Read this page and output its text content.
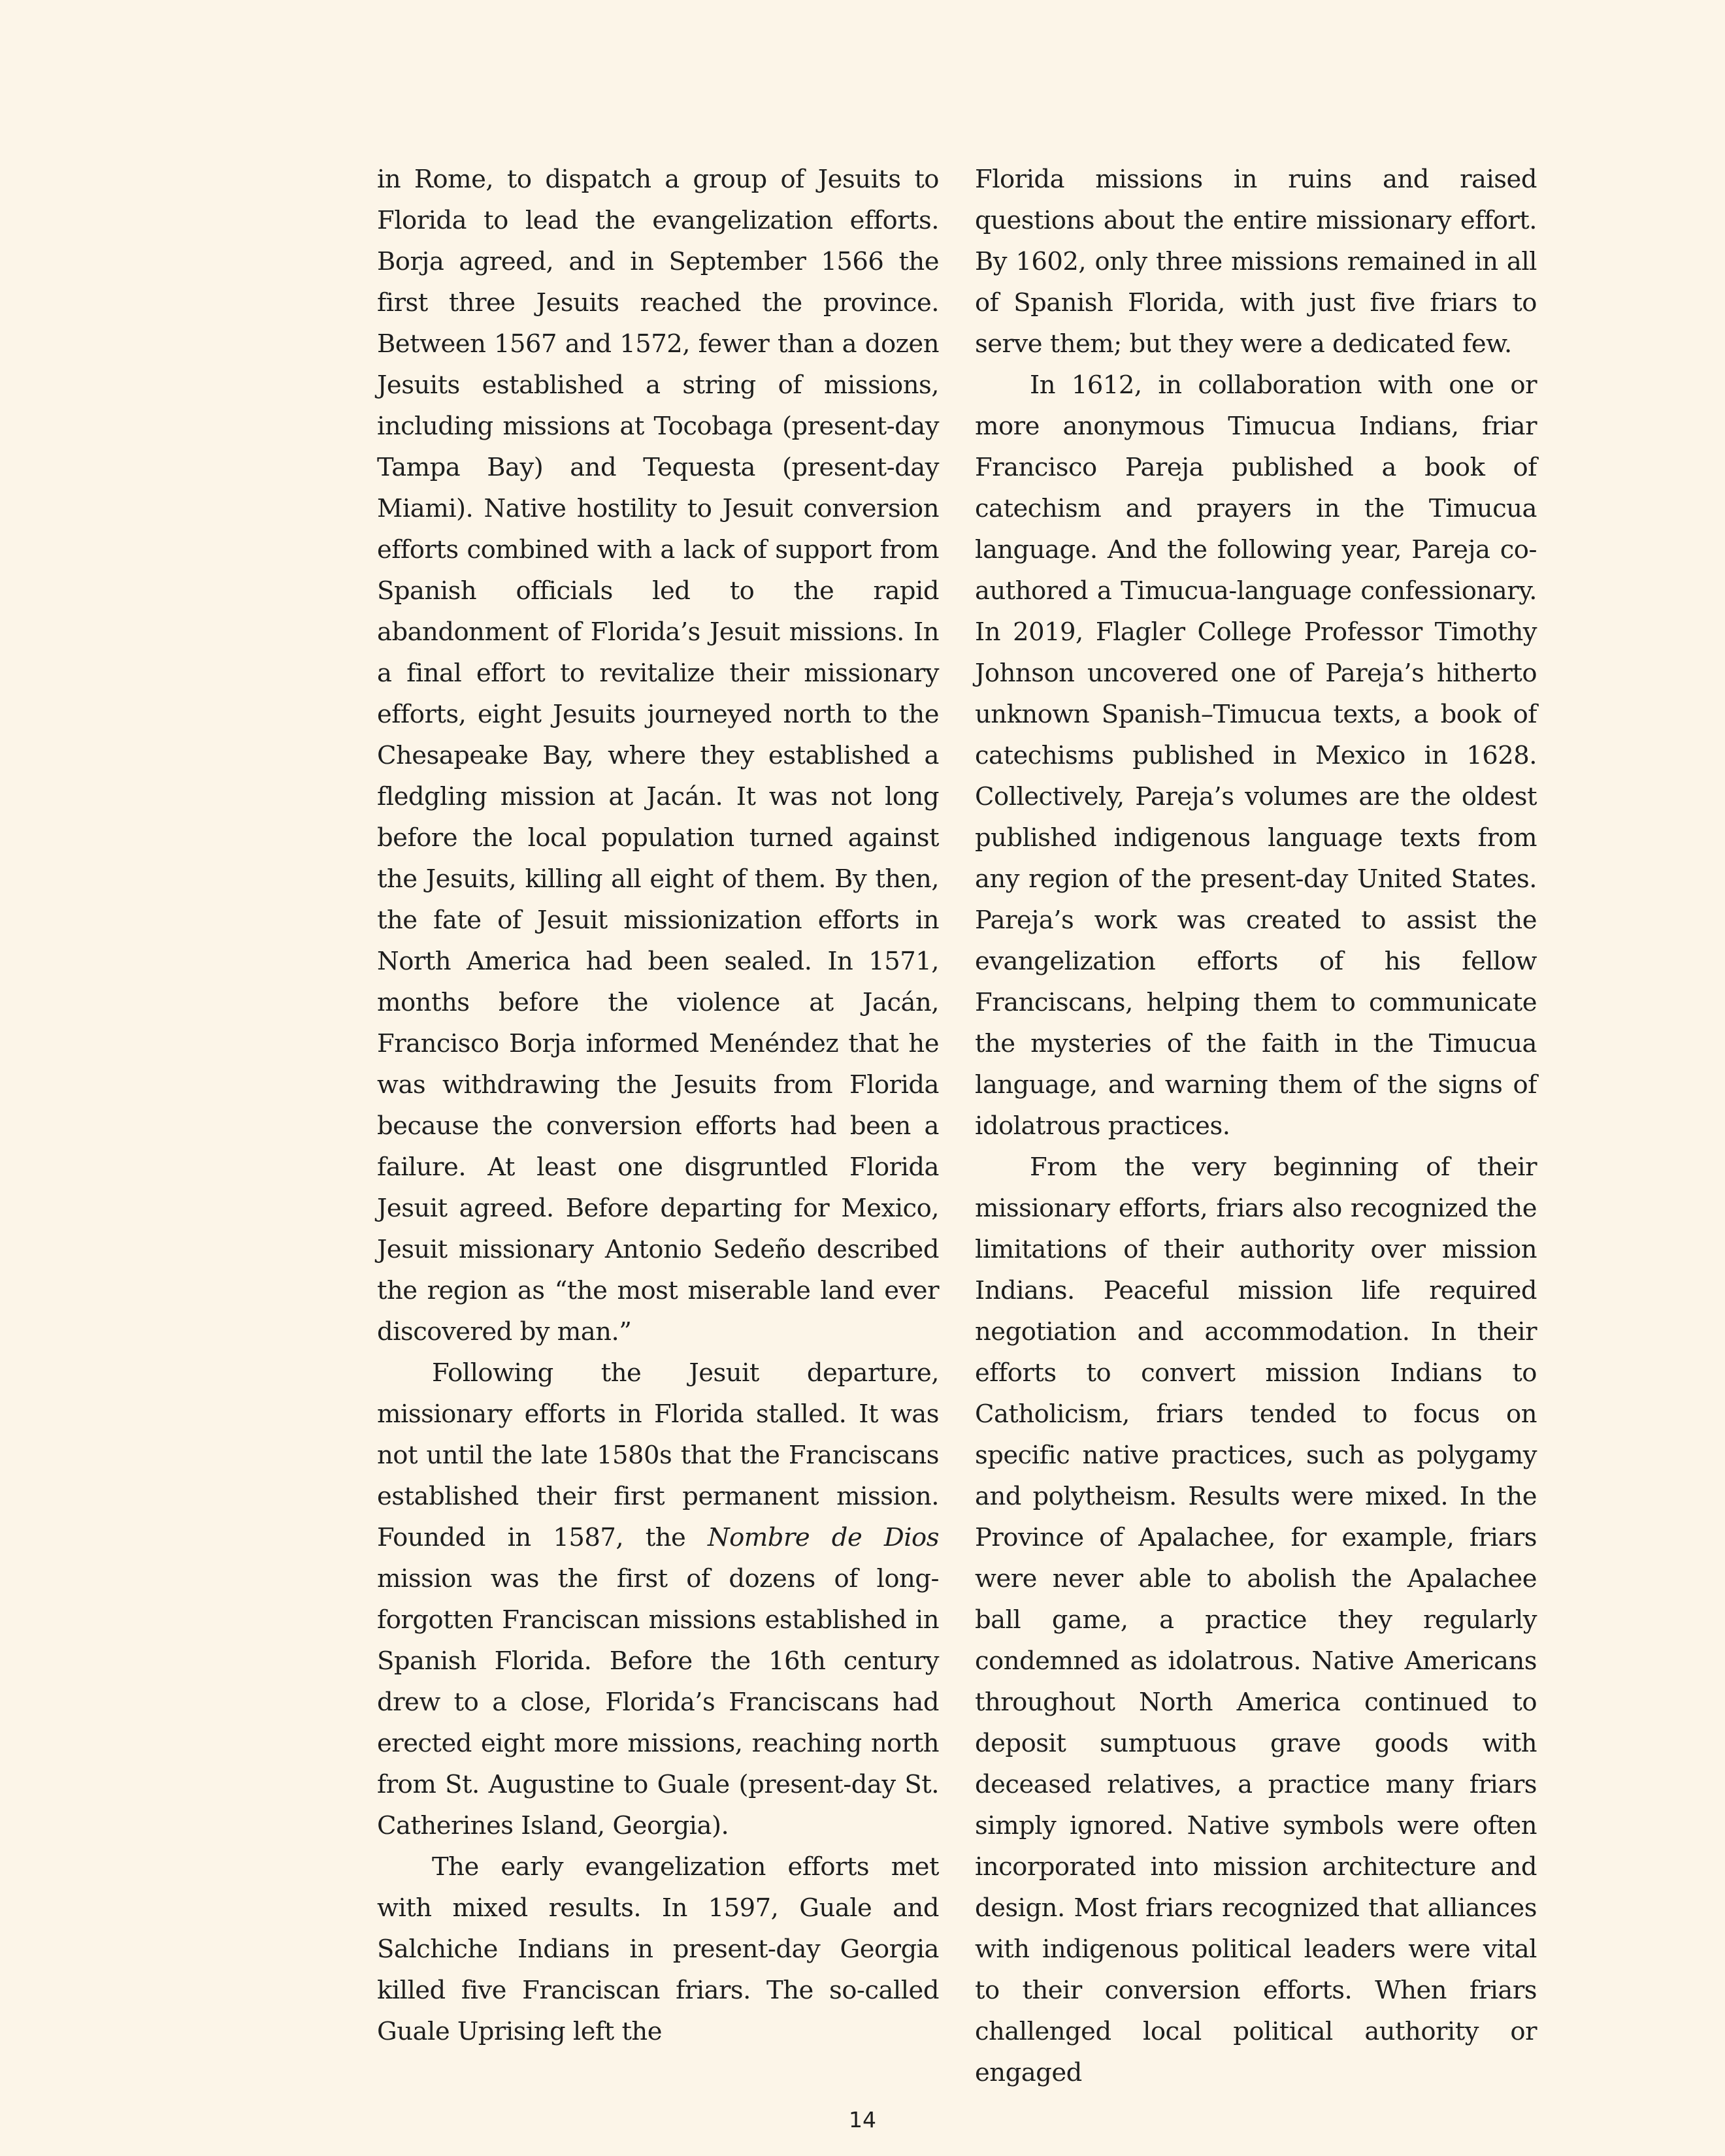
in Rome, to dispatch a group of Jesuits to Florida to lead the evangelization efforts. Borja agreed, and in September 1566 the first three Jesuits reached the province. Between 1567 and 1572, fewer than a dozen Jesuits established a string of missions, including missions at Tocobaga (present-day Tampa Bay) and Tequesta (present-day Miami). Native hostility to Jesuit conversion efforts combined with a lack of support from Spanish officials led to the rapid abandonment of Florida’s Jesuit missions. In a final effort to revitalize their missionary efforts, eight Jesuits journeyed north to the Chesapeake Bay, where they established a fledgling mission at Jacán. It was not long before the local population turned against the Jesuits, killing all eight of them. By then, the fate of Jesuit missionization efforts in North America had been sealed. In 1571, months before the violence at Jacán, Francisco Borja informed Menéndez that he was withdrawing the Jesuits from Florida because the conversion efforts had been a failure. At least one disgruntled Florida Jesuit agreed. Before departing for Mexico, Jesuit missionary Antonio Sedeño described the region as “the most miserable land ever discovered by man.”

Following the Jesuit departure, missionary efforts in Florida stalled. It was not until the late 1580s that the Franciscans established their first permanent mission. Founded in 1587, the Nombre de Dios mission was the first of dozens of long-forgotten Franciscan missions established in Spanish Florida. Before the 16th century drew to a close, Florida’s Franciscans had erected eight more missions, reaching north from St. Augustine to Guale (present-day St. Catherines Island, Georgia).

The early evangelization efforts met with mixed results. In 1597, Guale and Salchiche Indians in present-day Georgia killed five Franciscan friars. The so-called Guale Uprising left the

Florida missions in ruins and raised questions about the entire missionary effort. By 1602, only three missions remained in all of Spanish Florida, with just five friars to serve them; but they were a dedicated few.

In 1612, in collaboration with one or more anonymous Timucua Indians, friar Francisco Pareja published a book of catechism and prayers in the Timucua language. And the following year, Pareja co-authored a Timucua-language confessionary. In 2019, Flagler College Professor Timothy Johnson uncovered one of Pareja’s hitherto unknown Spanish–Timucua texts, a book of catechisms published in Mexico in 1628. Collectively, Pareja’s volumes are the oldest published indigenous language texts from any region of the present-day United States. Pareja’s work was created to assist the evangelization efforts of his fellow Franciscans, helping them to communicate the mysteries of the faith in the Timucua language, and warning them of the signs of idolatrous practices.

From the very beginning of their missionary efforts, friars also recognized the limitations of their authority over mission Indians. Peaceful mission life required negotiation and accommodation. In their efforts to convert mission Indians to Catholicism, friars tended to focus on specific native practices, such as polygamy and polytheism. Results were mixed. In the Province of Apalachee, for example, friars were never able to abolish the Apalachee ball game, a practice they regularly condemned as idolatrous. Native Americans throughout North America continued to deposit sumptuous grave goods with deceased relatives, a practice many friars simply ignored. Native symbols were often incorporated into mission architecture and design. Most friars recognized that alliances with indigenous political leaders were vital to their conversion efforts. When friars challenged local political authority or engaged

14
